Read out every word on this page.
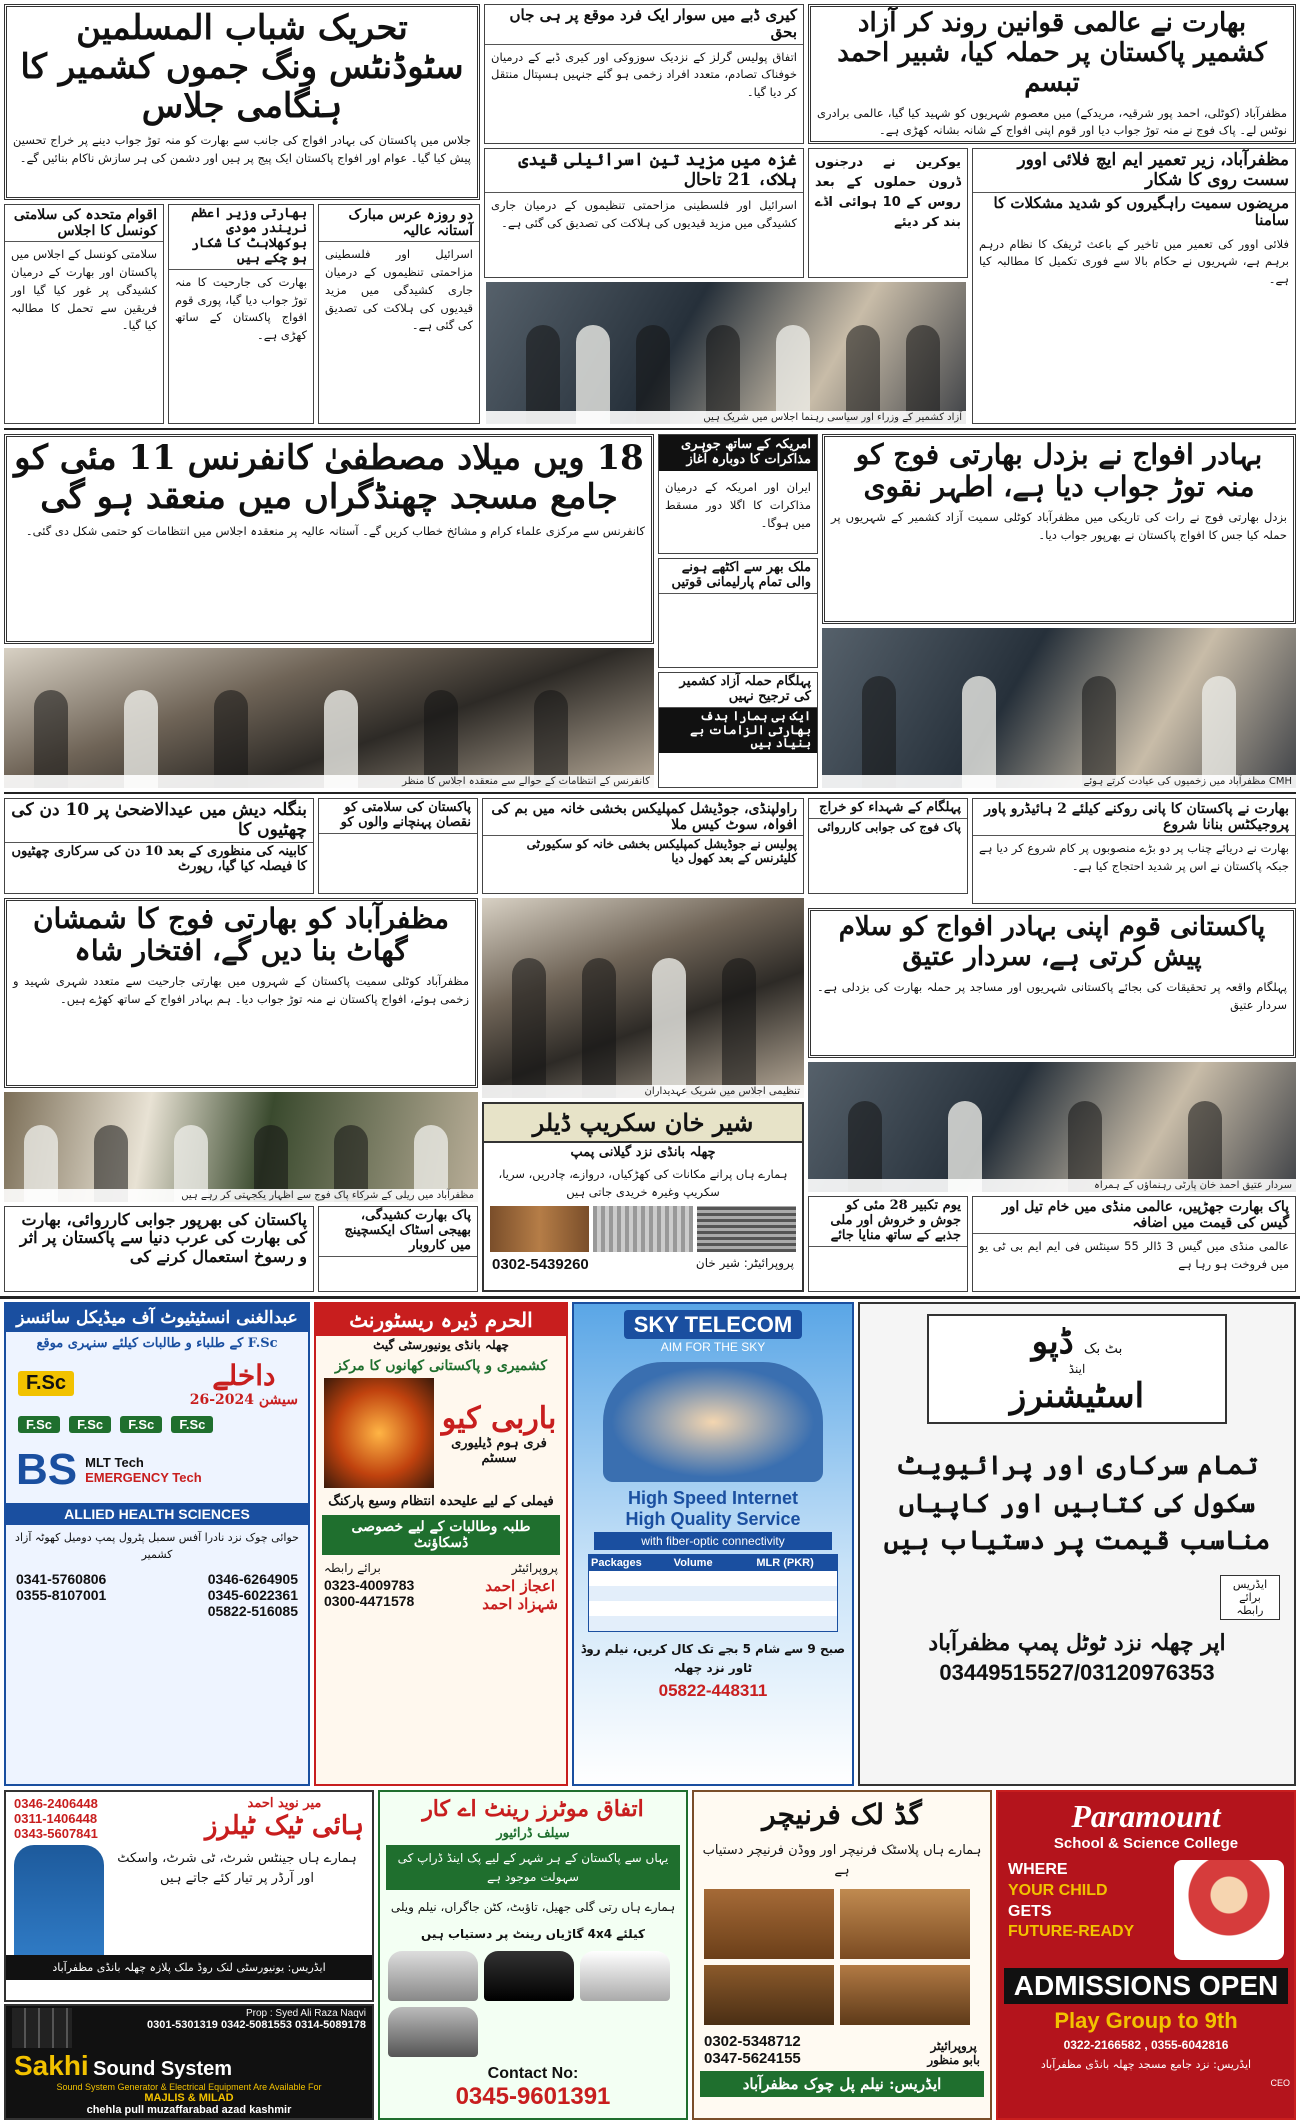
تحریک شباب المسلمین سٹوڈنٹس ونگ جموں کشمیر کا ہنگامی جلاس
جلاس میں پاکستان کی بہادر افواج کی جانب سے بھارت کو منہ توڑ جواب دینے پر خراج تحسین پیش کیا گیا۔ عوام اور افواج پاکستان ایک پیج پر ہیں اور دشمن کی ہر سازش ناکام بنائیں گے۔
اقوام متحدہ کی سلامتی کونسل کا اجلاس
سلامتی کونسل کے اجلاس میں پاکستان اور بھارت کے درمیان کشیدگی پر غور کیا گیا اور فریقین سے تحمل کا مطالبہ کیا گیا۔
بھارتی وزیر اعظم نریندر مودی بوکھلاہٹ کا شکار ہو چکے ہیں
بھارت کی جارحیت کا منہ توڑ جواب دیا گیا، پوری قوم افواج پاکستان کے ساتھ کھڑی ہے۔
دو روزہ عرس مبارک آستانہ عالیہ
اسرائیل اور فلسطینی مزاحمتی تنظیموں کے درمیان جاری کشیدگی میں مزید قیدیوں کی ہلاکت کی تصدیق کی گئی ہے۔
کیری ڈبے میں سوار ایک فرد موقع پر ہی جاں بحق
اتفاق پولیس گرلز کے نزدیک سوزوکی اور کیری ڈبے کے درمیان خوفناک تصادم، متعدد افراد زخمی ہو گئے جنہیں ہسپتال منتقل کر دیا گیا۔
غزہ میں مزید تین اسرائیلی قیدی ہلاک، 21 تاحال
اسرائیل اور فلسطینی مزاحمتی تنظیموں کے درمیان جاری کشیدگی میں مزید قیدیوں کی ہلاکت کی تصدیق کی گئی ہے۔
آزاد کشمیر کے وزراء اور سیاسی رہنما اجلاس میں شریک ہیں
یوکرین نے درجنوں ڈرون حملوں کے بعد روس کے 10 ہوائی اڈے بند کر دیئے
بھارت نے عالمی قوانین روند کر آزاد کشمیر پاکستان پر حملہ کیا، شبیر احمد تبسم
مظفرآباد (کوٹلی، احمد پور شرقیہ، مریدکے) میں معصوم شہریوں کو شہید کیا گیا، عالمی برادری نوٹس لے۔ پاک فوج نے منہ توڑ جواب دیا اور قوم اپنی افواج کے شانہ بشانہ کھڑی ہے۔
مظفرآباد، زیر تعمیر ایم ایچ فلائی اوور سست روی کا شکار
مریضوں سمیت راہگیروں کو شدید مشکلات کا سامنا
فلائی اوور کی تعمیر میں تاخیر کے باعث ٹریفک کا نظام درہم برہم ہے، شہریوں نے حکام بالا سے فوری تکمیل کا مطالبہ کیا ہے۔
18 ویں میلاد مصطفیٰ کانفرنس 11 مئی کو جامع مسجد چھنڈگراں میں منعقد ہو گی
کانفرنس سے مرکزی علماء کرام و مشائخ خطاب کریں گے۔ آستانہ عالیہ پر منعقدہ اجلاس میں انتظامات کو حتمی شکل دی گئی۔
کانفرنس کے انتظامات کے حوالے سے منعقدہ اجلاس کا منظر
امریکہ کے ساتھ جوہری مذاکرات کا دوبارہ آغاز
ایران اور امریکہ کے درمیان مذاکرات کا اگلا دور مسقط میں ہوگا۔
ملک بھر سے اکٹھے ہونے والی تمام پارلیمانی قوتیں
پہلگام حملہ آزاد کشمیر کی ترجیح نہیں
ایک ہی ہمارا ہدف بھارتی الزامات بے بنیاد ہیں
بہادر افواج نے بزدل بھارتی فوج کو منہ توڑ جواب دیا ہے، اطہر نقوی
بزدل بھارتی فوج نے رات کی تاریکی میں مظفرآباد کوٹلی سمیت آزاد کشمیر کے شہریوں پر حملہ کیا جس کا افواج پاکستان نے بھرپور جواب دیا۔
CMH مظفرآباد میں زخمیوں کی عیادت کرتے ہوئے
بنگلہ دیش میں عیدالاضحیٰ پر 10 دن کی چھٹیوں کا
کابینہ کی منظوری کے بعد 10 دن کی سرکاری چھٹیوں کا فیصلہ کیا گیا، رپورٹ
پاکستان کی سلامتی کو نقصان پہنچانے والوں کو
راولپنڈی، جوڈیشل کمپلیکس بخشی خانہ میں بم کی افواہ، سوٹ کیس ملا
پولیس نے جوڈیشل کمپلیکس بخشی خانہ کو سکیورٹی کلیئرنس کے بعد کھول دیا
پہلگام کے شہداء کو خراج
پاک فوج کی جوابی کارروائی
بھارت نے پاکستان کا پانی روکنے کیلئے 2 ہائیڈرو پاور پروجیکٹس بنانا شروع
بھارت نے دریائے چناب پر دو بڑے منصوبوں پر کام شروع کر دیا ہے جبکہ پاکستان نے اس پر شدید احتجاج کیا ہے۔
مظفرآباد کو بھارتی فوج کا شمشان گھاٹ بنا دیں گے، افتخار شاہ
مظفرآباد کوٹلی سمیت پاکستان کے شہروں میں بھارتی جارحیت سے متعدد شہری شہید و زخمی ہوئے، افواج پاکستان نے منہ توڑ جواب دیا۔ ہم بہادر افواج کے ساتھ کھڑے ہیں۔
مظفرآباد میں ریلی کے شرکاء پاک فوج سے اظہار یکجہتی کر رہے ہیں
تنظیمی اجلاس میں شریک عہدیداران
شیر خان سکریپ ڈیلر
چھلہ بانڈی نزد گیلانی پمپ
ہمارے ہاں پرانے مکانات کی کھڑکیاں، دروازے، چادریں، سریا، سکریپ وغیرہ خریدی جاتی ہیں
پروپرائیٹر: شیر خان
0302-5439260
پاکستانی قوم اپنی بہادر افواج کو سلام پیش کرتی ہے، سردار عتیق
پہلگام واقعہ پر تحقیقات کی بجائے پاکستانی شہریوں اور مساجد پر حملہ بھارت کی بزدلی ہے۔ سردار عتیق
سردار عتیق احمد خان پارٹی رہنماؤں کے ہمراہ
پاکستان کی بھرپور جوابی کارروائی، بھارت کی بھارت کی عرب دنیا سے پاکستان پر اثر و رسوخ استعمال کرنے کی
پاک بھارت کشیدگی، بھیجی اسٹاک ایکسچینج میں کاروبار
یوم تکبیر 28 مئی کو جوش و خروش اور ملی جذبے کے ساتھ منایا جائے
پاک بھارت جھڑپیں، عالمی منڈی میں خام تیل اور گیس کی قیمت میں اضافہ
عالمی منڈی میں گیس 3 ڈالر 55 سینٹس فی ایم ایم بی ٹی یو میں فروخت ہو رہا ہے
عبدالغنی انسٹیٹیوٹ آف میڈیکل سائنسز
F.Sc کے طلباء و طالبات کیلئے سنہری موقع
F.Sc	داخلے
سیشن 2024-26
F.Sc F.Sc F.Sc F.Sc
BS MLT Tech
EMERGENCY Tech
ALLIED HEALTH SCIENCES
حوائی چوک نزد نادرا آفس سمبل پٹرول پمپ دومیل کھوٹہ آزاد کشمیر
0341-5760806
0355-8107001
0346-6264905
0345-6022361
05822-516085
الحرم ڈیرہ ریسٹورنٹ
چھلہ بانڈی یونیورسٹی گیٹ
کشمیری و پاکستانی کھانوں کا مرکز
باربی کیو
فری ہوم ڈیلیوری سسٹم
فیملی کے لیے علیحدہ انتظام وسیع پارکنگ
طلبہ وطالبات کے لیے خصوصی ڈسکاؤنٹ
پروپرائیٹر
برائے رابطہ
0323-4009783
0300-4471578
اعجاز احمد
شہزاد احمد
SKY TELECOM
AIM FOR THE SKY
High Speed Internet
High Quality Service
with fiber-optic connectivity
Packages	Volume	MLR (PKR)
صبح 9 سے شام 5 بجے تک کال کریں، نیلم روڈ ٹاور نزد چھلہ
05822-448311
بٹ بک
ڈپو
اینڈ
اسٹیشنرز
تمام سرکاری اور پرائیویٹ سکول کی کتابیں اور کاپیاں مناسب قیمت پر دستیاب ہیں
ایڈریس برائے رابطہ
اپر چھلہ نزد ٹوٹل پمپ مظفرآباد
03449515527/03120976353
0346-2406448
0311-1406448
0343-5607841
میر نوید احمد
ہائی ٹیک ٹیلرز
ہمارے ہاں جینٹس شرٹ، ٹی شرٹ، واسکٹ اور آرڈر پر تیار کئے جاتے ہیں
ایڈریس: یونیورسٹی لنک روڈ ملک پلازہ چھلہ بانڈی مظفرآباد
Prop : Syed Ali Raza Naqvi
0301-5301319 0342-5081553 0314-5089178
Sakhi Sound System
Sound System Generator & Electrical Equipment Are Available For
MAJLIS & MILAD
chehla pull muzaffarabad azad kashmir
اتفاق موٹرز رینٹ اے کار
سیلف ڈرائیور
یہاں سے پاکستان کے ہر شہر کے لیے پک اینڈ ڈراپ کی سہولت موجود ہے
ہمارے ہاں رتی گلی جھیل، تاؤبٹ، کٹن جاگراں، نیلم ویلی
کیلئے 4x4 گاڑیاں رینٹ پر دستیاب ہیں
Contact No:
0345-9601391
گڈ لک فرنیچر
ہمارے ہاں پلاسٹک فرنیچر اور ووڈن فرنیچر دستیاب ہے
0302-5348712
0347-5624155
پروپرائیٹر
بابو منظور
ایڈریس: نیلم پل چوک مظفرآباد
Paramount
School & Science College
WHERE
YOUR CHILD
GETS
FUTURE-READY
ADMISSIONS OPEN
Play Group to 9th
0322-2166582 , 0355-6042816
ایڈریس: نزد جامع مسجد چھلہ بانڈی مظفرآباد
CEO
